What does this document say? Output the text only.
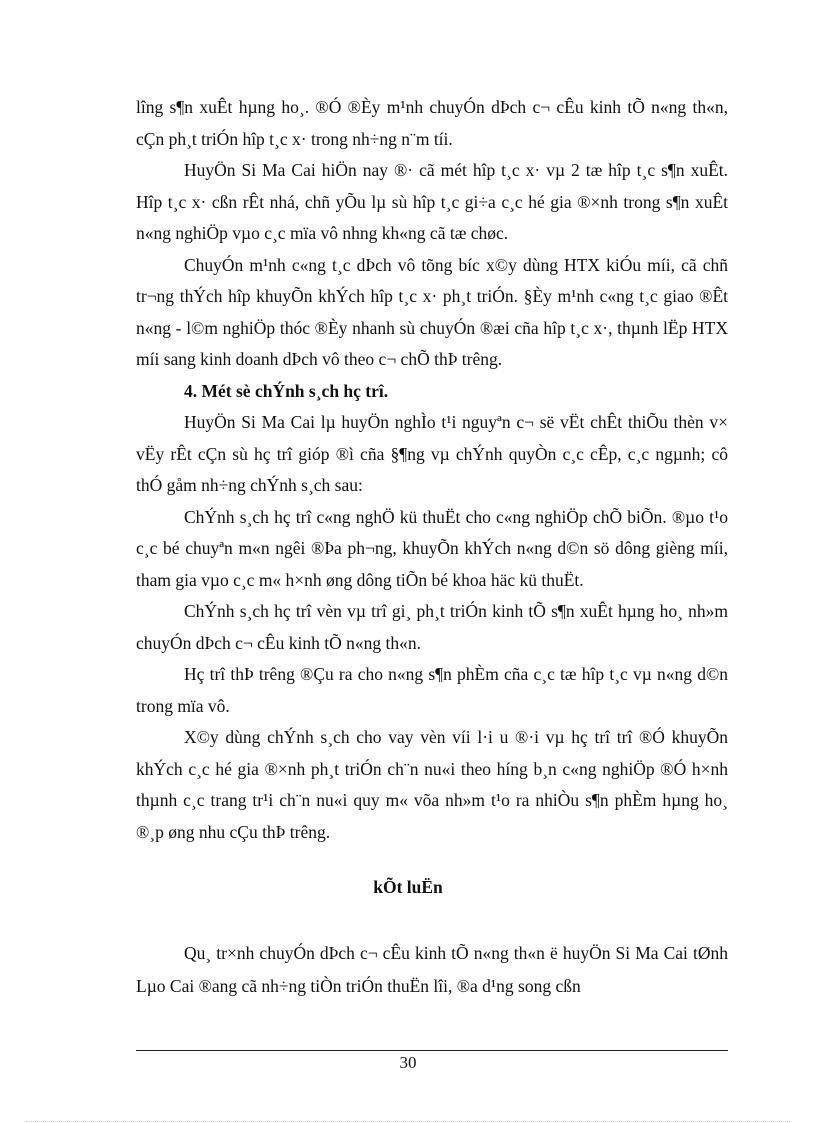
lîng s¶n xuÊt hµng ho¸. ®Ó ®Èy m¹nh chuyÓn dÞch c¬ cÊu kinh tÕ n«ng th«n, cÇn ph¸t triÓn hîp t¸c x· trong nh÷ng n¨m tíi.

HuyÖn Si Ma Cai hiÖn nay ®· cã mét hîp t¸c x· vµ 2 tæ hîp t¸c s¶n xuÊt. Hîp t¸c x· cßn rÊt nhá, chñ yÕu lµ sù hîp t¸c gi÷a c¸c hé gia ®×nh trong s¶n xuÊt n«ng nghiÖp vµo c¸c mïa vô nhng kh«ng cã tæ chøc.

ChuyÓn m¹nh c«ng t¸c dÞch vô tõng bíc x©y dùng HTX kiÓu míi, cã chñ tr¬ng thÝch hîp khuyÕn khÝch hîp t¸c x· ph¸t triÓn. §Èy m¹nh c«ng t¸c giao ®Êt n«ng - l©m nghiÖp thóc ®Èy nhanh sù chuyÓn ®æi cña hîp t¸c x·, thµnh lËp HTX míi sang kinh doanh dÞch vô theo c¬ chÕ thÞ trêng.

4. Mét sè chÝnh s¸ch hç trî.

HuyÖn Si Ma Cai lµ huyÖn nghÌo t¹i nguyªn c¬ së vËt chÊt thiÕu thèn v× vËy rÊt cÇn sù hç trî gióp ®ì cña §¶ng vµ chÝnh quyÒn c¸c cÊp, c¸c ngµnh; cô thÓ gåm nh÷ng chÝnh s¸ch sau:

ChÝnh s¸ch hç trî c«ng nghÖ kü thuËt cho c«ng nghiÖp chÕ biÕn. ®µo t¹o c¸c bé chuyªn m«n ngêi ®Þa ph¬ng, khuyÕn khÝch n«ng d©n sö dông gièng míi, tham gia vµo c¸c m« h×nh øng dông tiÕn bé khoa häc kü thuËt.

ChÝnh s¸ch hç trî vèn vµ trî gi¸ ph¸t triÓn kinh tÕ s¶n xuÊt hµng ho¸ nh»m chuyÓn dÞch c¬ cÊu kinh tÕ n«ng th«n.

Hç trî thÞ trêng ®Çu ra cho n«ng s¶n phÈm cña c¸c tæ hîp t¸c vµ n«ng d©n trong mïa vô.

X©y dùng chÝnh s¸ch cho vay vèn víi l·i u ®·i vµ hç trî trî ®Ó khuyÕn khÝch c¸c hé gia ®×nh ph¸t triÓn ch¨n nu«i theo híng b¸n c«ng nghiÖp ®Ó h×nh thµnh c¸c trang tr¹i ch¨n nu«i quy m« võa nh»m t¹o ra nhiÒu s¶n phÈm hµng ho¸ ®¸p øng nhu cÇu thÞ trêng.

kÕt luËn

Qu¸ tr×nh chuyÓn dÞch c¬ cÊu kinh tÕ n«ng th«n ë huyÖn Si Ma Cai tØnh Lµo Cai ®ang cã nh÷ng tiÒn triÓn thuËn lîi, ®a d¹ng song cßn

30
